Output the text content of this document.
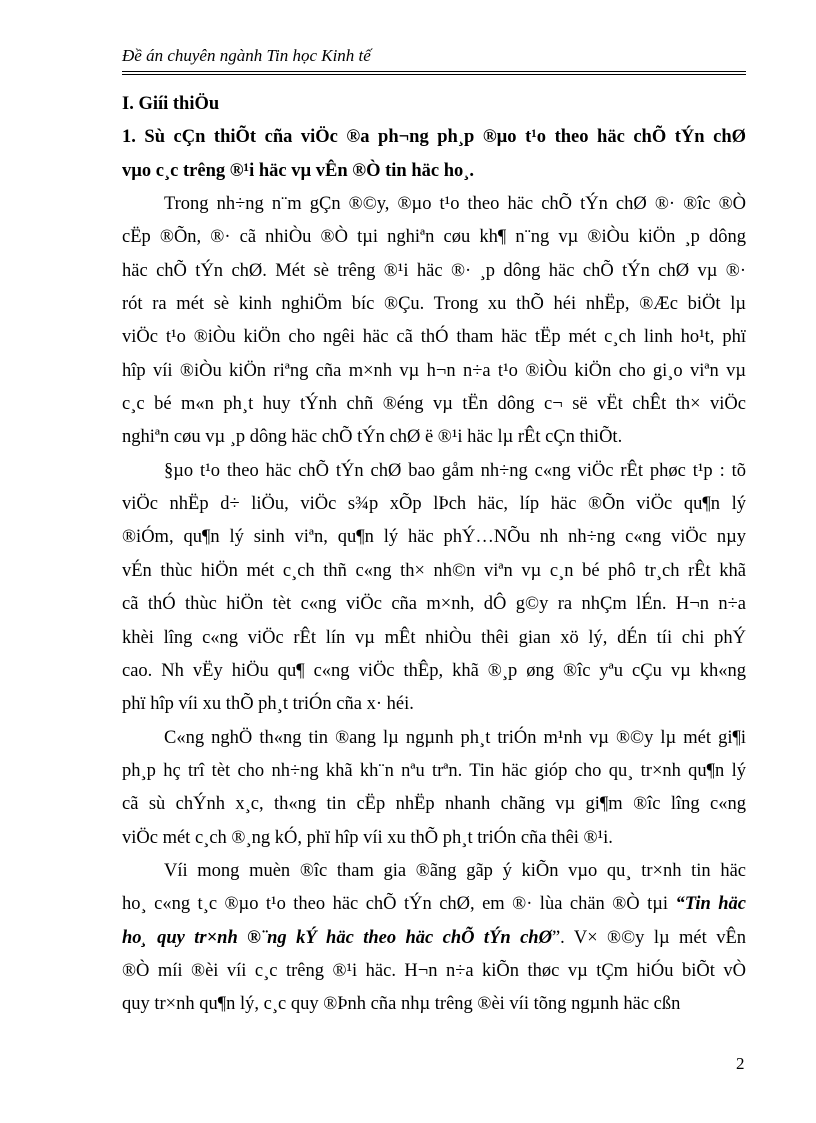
Đề án chuyên ngành Tin học Kinh tế
I. Giíi thiÖu
1. Sù cÇn thiÕt cña viÖc ®a ph¬ng ph¸p ®µo t¹o theo häc chÕ tÝn chØ
vµo c¸c trêng ®¹i häc vµ vÊn ®Ò tin häc ho¸.
Trong nh÷ng n¨m gÇn ®©y, ®µo t¹o theo häc chÕ tÝn chØ ®· ®îc ®Ò
cËp ®Õn, ®· cã nhiÒu ®Ò tµi nghiªn cøu kh¶ n¨ng vµ ®iÒu kiÖn ¸p dông
häc chÕ tÝn chØ. Mét sè trêng ®¹i häc ®· ¸p dông häc chÕ tÝn chØ vµ ®·
rót ra mét sè kinh nghiÖm bíc ®Çu. Trong xu thÕ héi nhËp, ®Æc biÖt lµ
viÖc t¹o ®iÒu kiÖn cho ngêi häc cã thÓ tham häc tËp mét c¸ch linh ho¹t, phï
hîp víi ®iÒu kiÖn riªng cña m×nh vµ h¬n n÷a t¹o ®iÒu kiÖn cho gi¸o viªn vµ
c¸c bé m«n ph¸t huy tÝnh chñ ®éng vµ tËn dông c¬ së vËt chÊt th× viÖc
nghiªn cøu vµ ¸p dông häc chÕ tÝn chØ ë ®¹i häc lµ rÊt cÇn thiÕt.
§µo t¹o theo häc chÕ tÝn chØ bao gåm nh÷ng c«ng viÖc rÊt phøc t¹p : tõ
viÖc nhËp d÷ liÖu, viÖc s¾p xÕp lÞch häc, líp häc ®Õn viÖc qu¶n lý
®iÓm, qu¶n lý sinh viªn, qu¶n lý häc phÝ…NÕu nh nh÷ng c«ng viÖc nµy
vÉn thùc hiÖn mét c¸ch thñ c«ng th× nh©n viªn vµ c¸n bé phô tr¸ch rÊt khã
cã thÓ thùc hiÖn tèt c«ng viÖc cña m×nh, dÔ g©y ra nhÇm lÉn. H¬n n÷a
khèi lîng c«ng viÖc rÊt lín vµ mÊt nhiÒu thêi gian xö lý, dÉn tíi chi phÝ
cao. Nh vËy hiÖu qu¶ c«ng viÖc thÊp, khã ®¸p øng ®îc yªu cÇu vµ kh«ng
phï hîp víi xu thÕ ph¸t triÓn cña x· héi.
C«ng nghÖ th«ng tin ®ang lµ ngµnh ph¸t triÓn m¹nh vµ ®©y lµ mét gi¶i
ph¸p hç trî tèt cho nh÷ng khã kh¨n nªu trªn. Tin häc gióp cho qu¸ tr×nh qu¶n lý
cã sù chÝnh x¸c, th«ng tin cËp nhËp nhanh chãng vµ gi¶m ®îc lîng c«ng
viÖc mét c¸ch ®¸ng kÓ, phï hîp víi xu thÕ ph¸t triÓn cña thêi ®¹i.
Víi mong muèn ®îc tham gia ®ãng gãp ý kiÕn vµo qu¸ tr×nh tin häc
ho¸ c«ng t¸c ®µo t¹o theo häc chÕ tÝn chØ, em ®· lùa chän ®Ò tµi “Tin häc
ho¸ quy tr×nh ®¨ng kÝ häc theo häc chÕ tÝn chØ”. V× ®©y lµ mét vÊn
®Ò míi ®èi víi c¸c trêng ®¹i häc. H¬n n÷a kiÕn thøc vµ tÇm hiÓu biÕt vÒ
quy tr×nh qu¶n lý, c¸c quy ®Þnh cña nhµ trêng ®èi víi tõng ngµnh häc cßn
2
